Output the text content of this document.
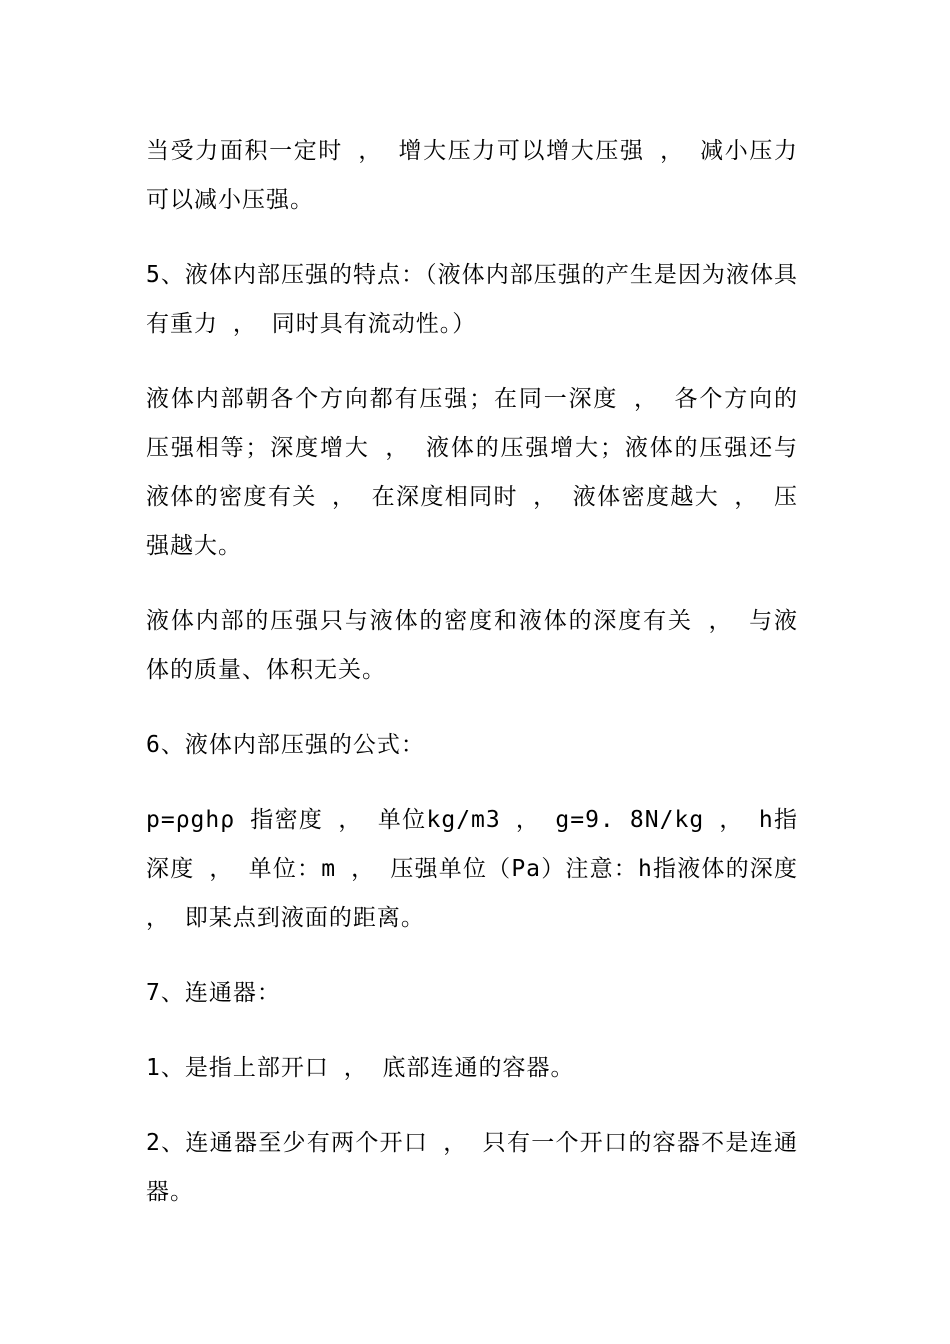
当受力面积一定时 ， 增大压力可以增大压强 ， 减小压力可以减小压强。

5、液体内部压强的特点：（液体内部压强的产生是因为液体具有重力 ， 同时具有流动性。）

液体内部朝各个方向都有压强；在同一深度 ， 各个方向的压强相等；深度增大 ， 液体的压强增大；液体的压强还与液体的密度有关 ， 在深度相同时 ， 液体密度越大 ， 压强越大。

液体内部的压强只与液体的密度和液体的深度有关 ， 与液体的质量、体积无关。

6、液体内部压强的公式：

p=ρghρ 指密度 ， 单位kg/m3 ， g=9. 8N/kg ， h指深度 ， 单位：m ， 压强单位（Pa）注意：h指液体的深度 ， 即某点到液面的距离。

7、连通器：

1、是指上部开口 ， 底部连通的容器。

2、连通器至少有两个开口 ， 只有一个开口的容器不是连通器。
